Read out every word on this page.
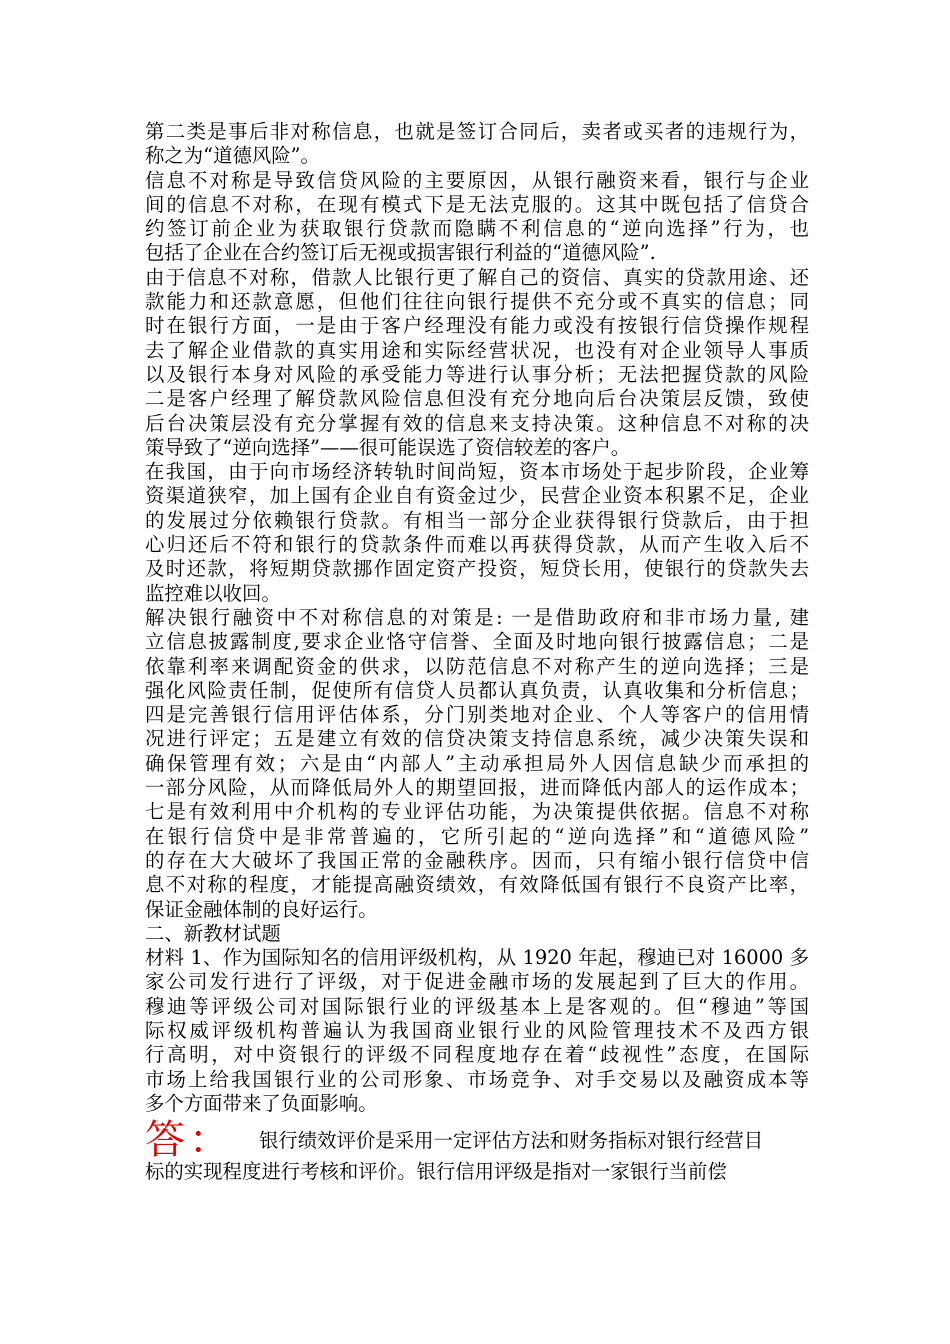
第二类是事后非对称信息，也就是签订合同后，卖者或买者的违规行为，
称之为“道德风险”。
信息不对称是导致信贷风险的主要原因，从银行融资来看，银行与企业
间的信息不对称，在现有模式下是无法克服的。这其中既包括了信贷合
约签订前企业为获取银行贷款而隐瞒不利信息的“逆向选择”行为，也
包括了企业在合约签订后无视或损害银行利益的“道德风险”.
由于信息不对称，借款人比银行更了解自己的资信、真实的贷款用途、还
款能力和还款意愿，但他们往往向银行提供不充分或不真实的信息；同
时在银行方面，一是由于客户经理没有能力或没有按银行信贷操作规程
去了解企业借款的真实用途和实际经营状况，也没有对企业领导人事质
以及银行本身对风险的承受能力等进行认事分析；无法把握贷款的风险
二是客户经理了解贷款风险信息但没有充分地向后台决策层反馈，致使
后台决策层没有充分掌握有效的信息来支持决策。这种信息不对称的决
策导致了“逆向选择”——很可能误选了资信较差的客户。
在我国，由于向市场经济转轨时间尚短，资本市场处于起步阶段，企业筹
资渠道狭窄，加上国有企业自有资金过少，民营企业资本积累不足，企业
的发展过分依赖银行贷款。有相当一部分企业获得银行贷款后，由于担
心归还后不符和银行的贷款条件而难以再获得贷款，从而产生收入后不
及时还款，将短期贷款挪作固定资产投资，短贷长用，使银行的贷款失去
监控难以收回。
解决银行融资中不对称信息的对策是: 一是借助政府和非市场力量, 建
立信息披露制度,要求企业恪守信誉、全面及时地向银行披露信息；二是
依靠利率来调配资金的供求，以防范信息不对称产生的逆向选择；三是
强化风险责任制，促使所有信贷人员都认真负责，认真收集和分析信息；
四是完善银行信用评估体系，分门别类地对企业、个人等客户的信用情
况进行评定；五是建立有效的信贷决策支持信息系统，减少决策失误和
确保管理有效；六是由“内部人”主动承担局外人因信息缺少而承担的
一部分风险，从而降低局外人的期望回报，进而降低内部人的运作成本；
七是有效利用中介机构的专业评估功能，为决策提供依据。信息不对称
在银行信贷中是非常普遍的，它所引起的“逆向选择”和“道德风险”
的存在大大破坏了我国正常的金融秩序。因而，只有缩小银行信贷中信
息不对称的程度，才能提高融资绩效，有效降低国有银行不良资产比率，
保证金融体制的良好运行。
二、新教材试题
材料 1、作为国际知名的信用评级机构，从 1920 年起，穆迪已对 16000 多
家公司发行进行了评级，对于促进金融市场的发展起到了巨大的作用。
穆迪等评级公司对国际银行业的评级基本上是客观的。但“穆迪”等国
际权威评级机构普遍认为我国商业银行业的风险管理技术不及西方银
行高明，对中资银行的评级不同程度地存在着“歧视性”态度，在国际
市场上给我国银行业的公司形象、市场竞争、对手交易以及融资成本等
多个方面带来了负面影响。
答： 银行绩效评价是采用一定评估方法和财务指标对银行经营目
标的实现程度进行考核和评价。银行信用评级是指对一家银行当前偿
